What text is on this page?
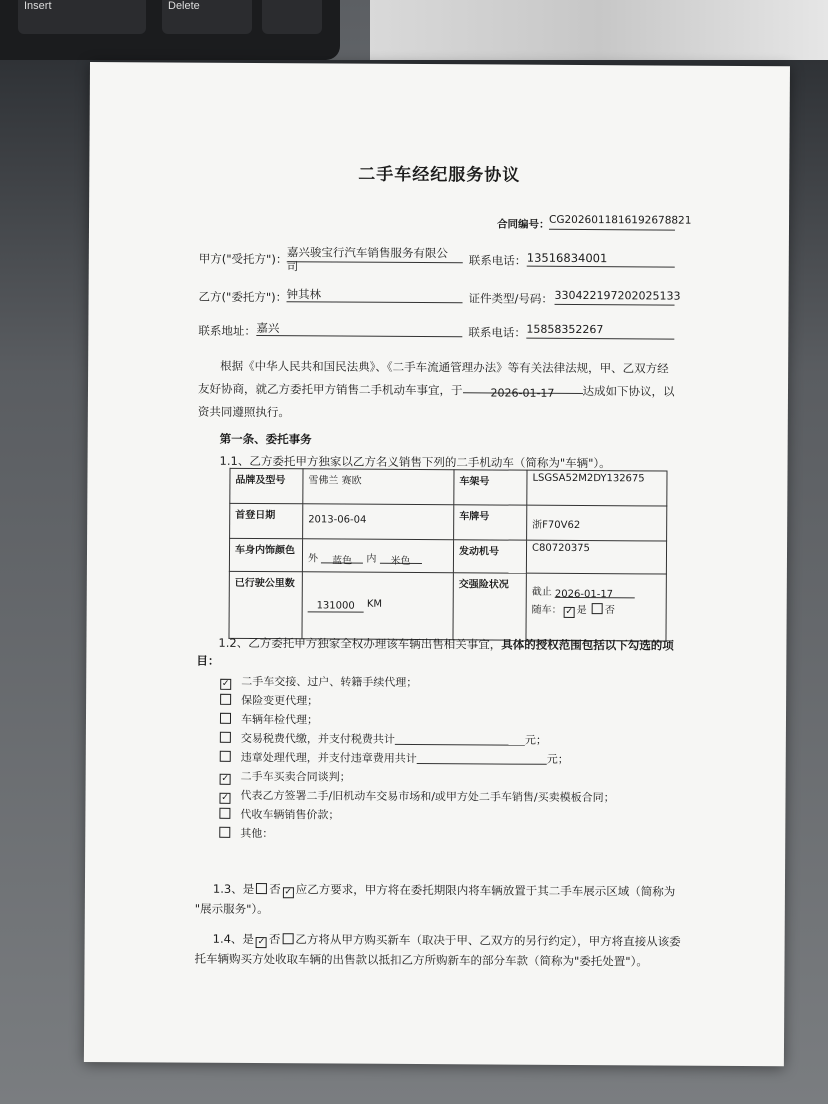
Insert	Delete
二手车经纪服务协议
合同编号： CG20260118161926788​21
甲方("受托方")： 嘉兴骏宝行汽车销售服务有限公
司	联系电话： 13516834001
乙方("委托方")： 钟其林	证件类型/号码： 330422197202025133
联系地址： 嘉兴	联系电话： 15858352267
根据《中华人民共和国民法典》、《二手车流通管理办法》等有关法律法规，甲、乙双方经
友好协商，就乙方委托甲方销售二手机动车事宜，于	2026-01-17 达成如下协议，以
资共同遵照执行。
第一条、委托事务
1.1、乙方委托甲方独家以乙方名义销售下列的二手机动车（简称为"车辆"）。
品牌及型号	雪佛兰 赛欧	车架号	LSGSA52M2DY132675
首登日期	2013-06-04	车牌号	浙F70V62
车身内饰颜色	外 蓝色 内 米色	发动机号	C80720375
已行驶公里数	131000 KM	交强险状况	截止 2026-01-17
随车： ✓ 是 否
1.2、乙方委托甲方独家全权办理该车辆出售相关事宜，具体的授权范围包括以下勾选的项
目：
✓ 二手车交接、过户、转籍手续代理；
保险变更代理；
车辆年检代理；
交易税费代缴，并支付税费共计	元；
违章处理代理，并支付违章费用共计	元；
✓ 二手车买卖合同谈判；
✓ 代表乙方签署二手/旧机动车交易市场和/或甲方处二手车销售/买卖模板合同；
代收车辆销售价款；
其他：
1.3、是 否 ✓ 应乙方要求，甲方将在委托期限内将车辆放置于其二手车展示区域（简称为
"展示服务"）。
1.4、是 ✓ 否 乙方将从甲方购买新车（取决于甲、乙双方的另行约定），甲方将直接从该委
托车辆购买方处收取车辆的出售款以抵扣乙方所购新车的部分车款（简称为"委托处置"）。
